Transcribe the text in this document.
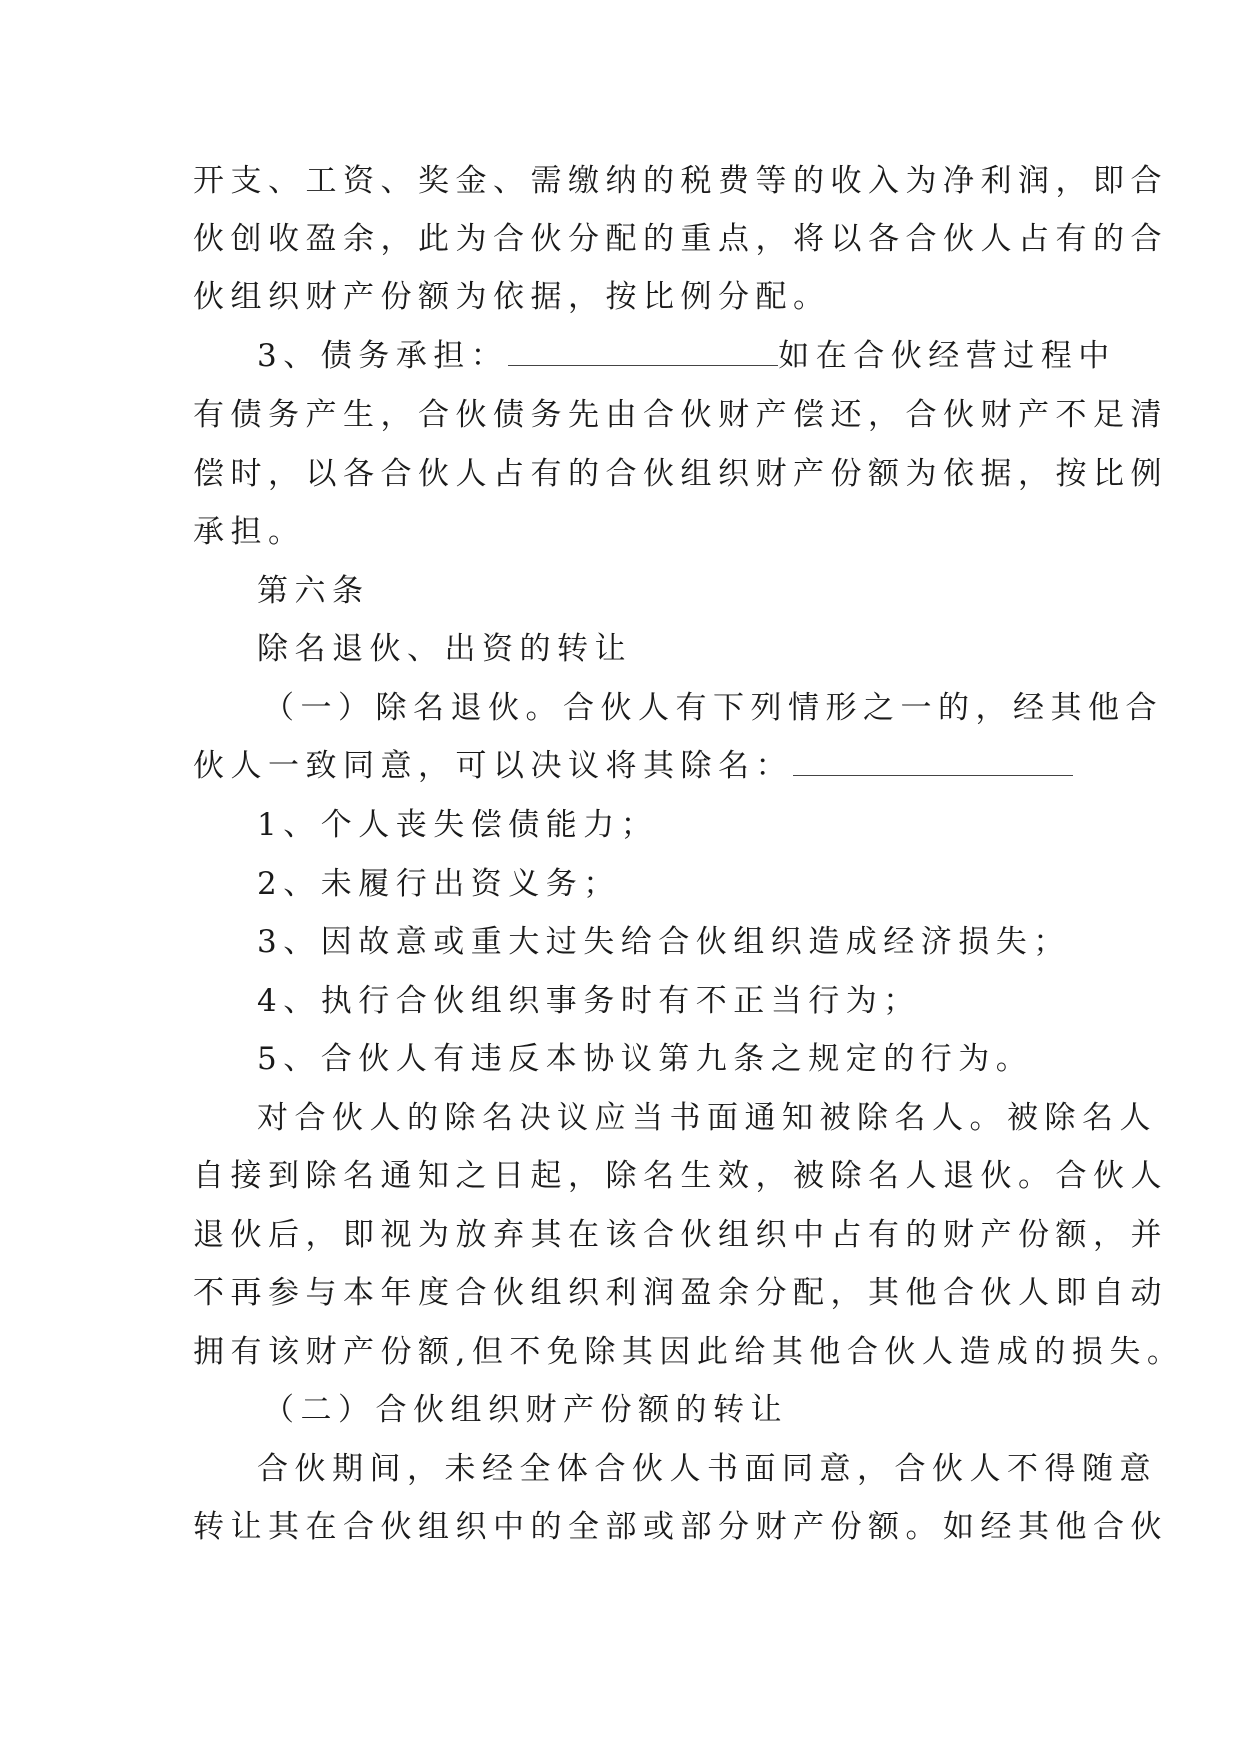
开支、工资、奖金、需缴纳的税费等的收入为净利润，即合
伙创收盈余，此为合伙分配的重点，将以各合伙人占有的合
伙组织财产份额为依据，按比例分配。
3、债务承担：	如在合伙经营过程中
有债务产生，合伙债务先由合伙财产偿还，合伙财产不足清
偿时，以各合伙人占有的合伙组织财产份额为依据，按比例
承担。
第六条
除名退伙、出资的转让
（一）除名退伙。合伙人有下列情形之一的，经其他合
伙人一致同意，可以决议将其除名：
1、个人丧失偿债能力；
2、未履行出资义务；
3、因故意或重大过失给合伙组织造成经济损失；
4、执行合伙组织事务时有不正当行为；
5、合伙人有违反本协议第九条之规定的行为。
对合伙人的除名决议应当书面通知被除名人。被除名人
自接到除名通知之日起，除名生效，被除名人退伙。合伙人
退伙后，即视为放弃其在该合伙组织中占有的财产份额，并
不再参与本年度合伙组织利润盈余分配，其他合伙人即自动
拥有该财产份额,但不免除其因此给其他合伙人造成的损失。
（二）合伙组织财产份额的转让
合伙期间，未经全体合伙人书面同意，合伙人不得随意
转让其在合伙组织中的全部或部分财产份额。如经其他合伙
